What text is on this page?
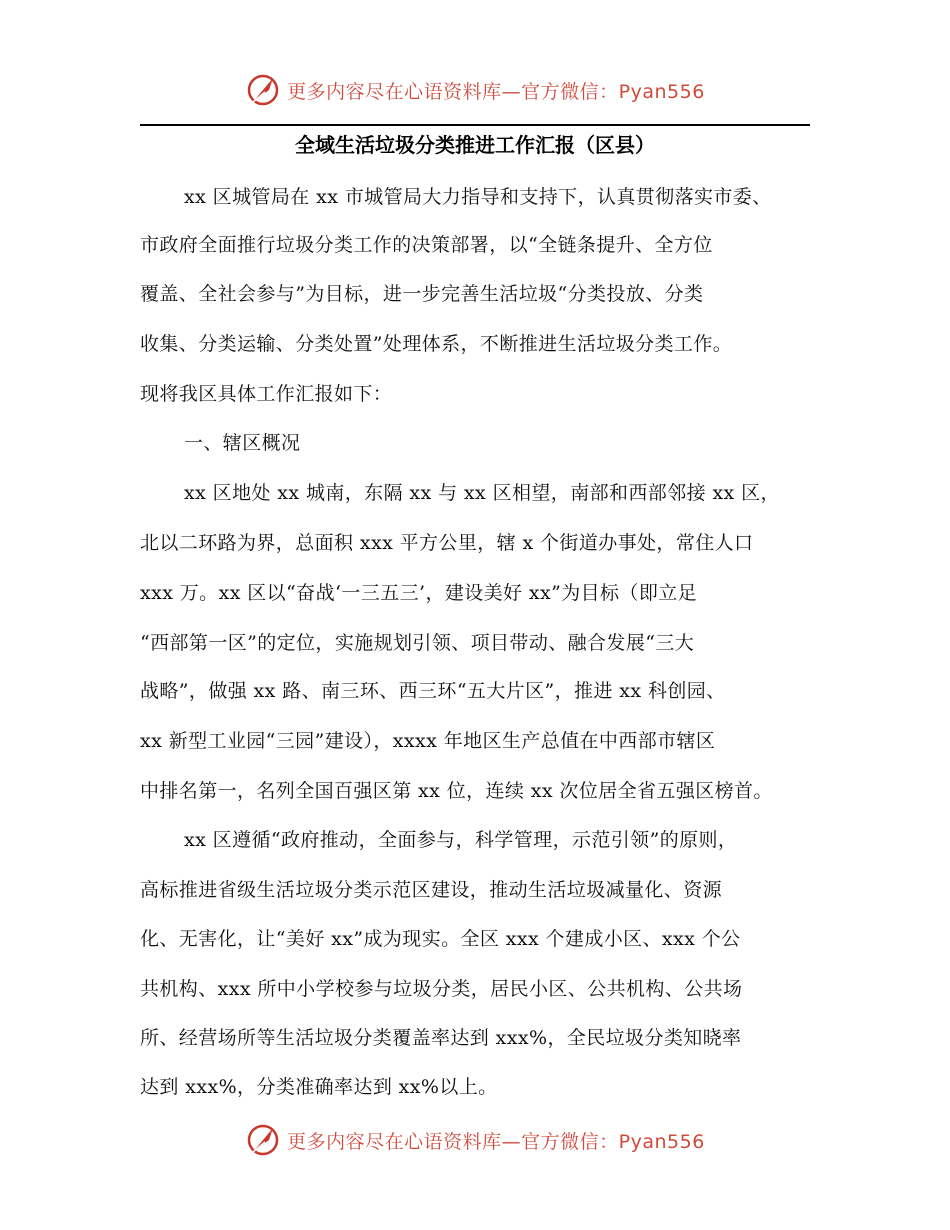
更多内容尽在心语资料库—官方微信：Pyan556
全域生活垃圾分类推进工作汇报（区县）
xx 区城管局在 xx 市城管局大力指导和支持下，认真贯彻落实市委、
市政府全面推行垃圾分类工作的决策部署，以“全链条提升、全方位
覆盖、全社会参与”为目标，进一步完善生活垃圾“分类投放、分类
收集、分类运输、分类处置”处理体系，不断推进生活垃圾分类工作。
现将我区具体工作汇报如下：
一、辖区概况
xx 区地处 xx 城南，东隔 xx 与 xx 区相望，南部和西部邻接 xx 区，
北以二环路为界，总面积 xxx 平方公里，辖 x 个街道办事处，常住人口
xxx 万。xx 区以“奋战‘一三五三’，建设美好 xx”为目标（即立足
“西部第一区”的定位，实施规划引领、项目带动、融合发展“三大
战略”，做强 xx 路、南三环、西三环“五大片区”，推进 xx 科创园、
xx 新型工业园“三园”建设），xxxx 年地区生产总值在中西部市辖区
中排名第一，名列全国百强区第 xx 位，连续 xx 次位居全省五强区榜首。
xx 区遵循“政府推动，全面参与，科学管理，示范引领”的原则，
高标推进省级生活垃圾分类示范区建设，推动生活垃圾减量化、资源
化、无害化，让“美好 xx”成为现实。全区 xxx 个建成小区、xxx 个公
共机构、xxx 所中小学校参与垃圾分类，居民小区、公共机构、公共场
所、经营场所等生活垃圾分类覆盖率达到 xxx%，全民垃圾分类知晓率
达到 xxx%，分类准确率达到 xx%以上。
更多内容尽在心语资料库—官方微信：Pyan556
